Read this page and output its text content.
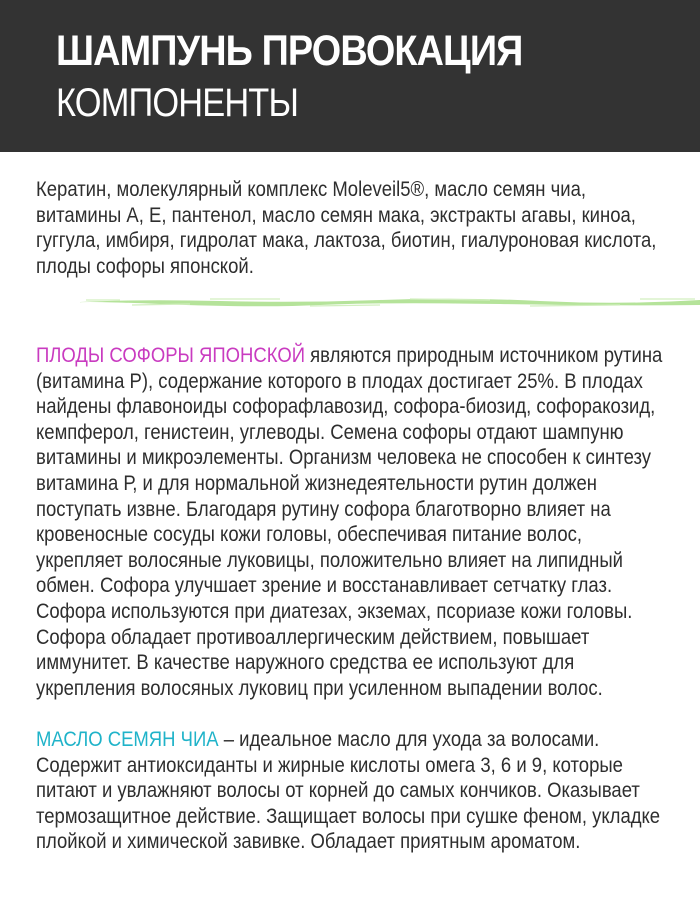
ШАМПУНЬ ПРОВОКАЦИЯ
КОМПОНЕНТЫ

Кератин, молекулярный комплекс Moleveil5®, масло семян чиа, витамины А, Е, пантенол, масло семян мака, экстракты агавы, киноа, гуггула, имбиря, гидролат мака, лактоза, биотин, гиалуроновая кислота, плоды софоры японской.

ПЛОДЫ СОФОРЫ ЯПОНСКОЙ являются природным источником рутина (витамина Р), содержание которого в плодах достигает 25%. В плодах найдены флавоноиды софорафлавозид, софора-биозид, софоракозид, кемпферол, генистеин, углеводы. Семена софоры отдают шампуню витамины и микроэлементы. Организм человека не способен к синтезу витамина Р, и для нормальной жизнедеятельности рутин должен поступать извне. Благодаря рутину софора благотворно влияет на кровеносные сосуды кожи головы, обеспечивая питание волос, укрепляет волосяные луковицы, положительно влияет на липидный обмен. Софора улучшает зрение и восстанавливает сетчатку глаз. Софора используются при диатезах, экземах, псориазе кожи головы. Софора обладает противоаллергическим действием, повышает иммунитет. В качестве наружного средства ее используют для укрепления волосяных луковиц при усиленном выпадении волос.

МАСЛО СЕМЯН ЧИА – идеальное масло для ухода за волосами. Содержит антиоксиданты и жирные кислоты омега 3, 6 и 9, которые питают и увлажняют волосы от корней до самых кончиков. Оказывает термозащитное действие. Защищает волосы при сушке феном, укладке плойкой и химической завивке. Обладает приятным ароматом.
